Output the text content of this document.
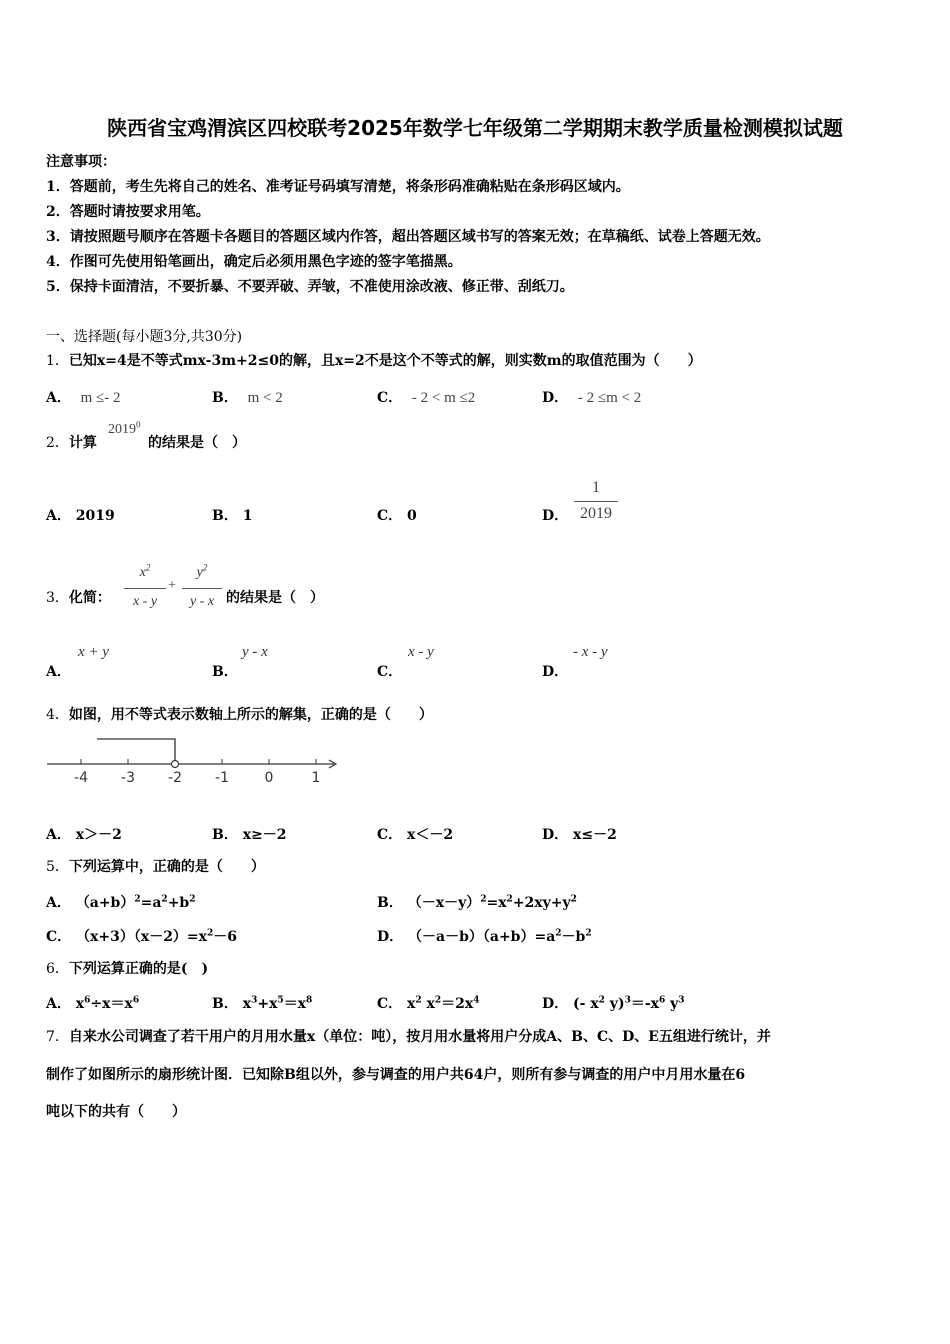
陕西省宝鸡渭滨区四校联考2025年数学七年级第二学期期末教学质量检测模拟试题
注意事项：
1．答题前，考生先将自己的姓名、准考证号码填写清楚，将条形码准确粘贴在条形码区域内。
2．答题时请按要求用笔。
3．请按照题号顺序在答题卡各题目的答题区域内作答，超出答题区域书写的答案无效；在草稿纸、试卷上答题无效。
4．作图可先使用铅笔画出，确定后必须用黑色字迹的签字笔描黑。
5．保持卡面清洁，不要折暴、不要弄破、弄皱，不准使用涂改液、修正带、刮纸刀。
一、选择题(每小题3分,共30分)
1．已知x=4是不等式mx-3m+2≤0的解，且x=2不是这个不等式的解，则实数m的取值范围为（　　）
A． m ≤- 2	B． m < 2	C． - 2 < m ≤2	D． - 2 ≤m < 2
2．计算
2019$^0$
的结果是（　）
A． 2019	B． 1	C． 0	D．
1
2019
3．化简：
$x^2$
x - y
+
$y^2$
y - x 的结果是（　）
A．
x + y
B．
y - x
C．
x - y
D．
- x - y
4．如图，用不等式表示数轴上所示的解集，正确的是（　　）
-4 -3 -2 -1	0	1
A． x＞－2	B． x≥－2	C． x＜－2	D． x≤－2
5．下列运算中，正确的是（　　）
A． $(a+b)^2=a^2+b^2$	B． $(-x-y)^2=x^2+2xy+y^2$
C． $(x+3)(x-2)=x^2-6$	D． $(-a-b)(a+b)=a^2-b^2$
6．下列运算正确的是(　)
A． $x^6\div x=x^6$	B． $x^3+x^5=x^8$	C． $x^2$ $x^2=2x^4$	D． (- $x^2$ $y)^3=-x^6$ $y^3$
7．自来水公司调查了若干用户的月用水量x（单位：吨），按月用水量将用户分成A、B、C、D、E五组进行统计，并
制作了如图所示的扇形统计图．已知除B组以外，参与调查的用户共64户，则所有参与调查的用户中月用水量在6
吨以下的共有（　　）
